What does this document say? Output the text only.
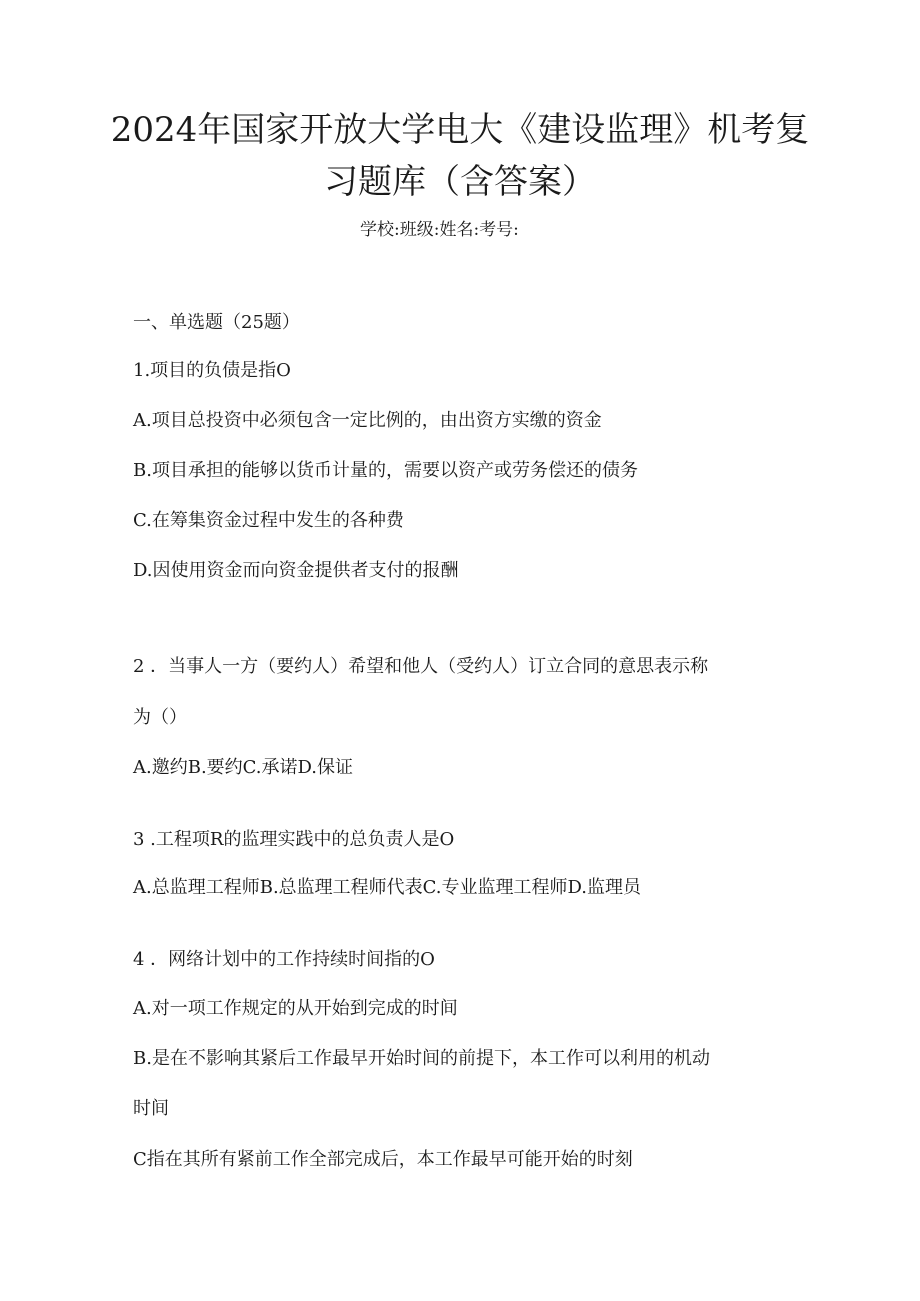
2024年国家开放大学电大《建设监理》机考复
习题库（含答案）
学校:班级:姓名:考号:
一、单选题（25题）
1.项目的负债是指O
A.项目总投资中必须包含一定比例的，由出资方实缴的资金
B.项目承担的能够以货币计量的，需要以资产或劳务偿还的债务
C.在筹集资金过程中发生的各种费
D.因使用资金而向资金提供者支付的报酬
2 ．当事人一方（要约人）希望和他人（受约人）订立合同的意思表示称
为（）
A.邀约B.要约C.承诺D.保证
3 .工程项R的监理实践中的总负责人是O
A.总监理工程师B.总监理工程师代表C.专业监理工程师D.监理员
4 ．网络计划中的工作持续时间指的O
A.对一项工作规定的从开始到完成的时间
B.是在不影响其紧后工作最早开始时间的前提下，本工作可以利用的机动
时间
C指在其所有紧前工作全部完成后，本工作最早可能开始的时刻
